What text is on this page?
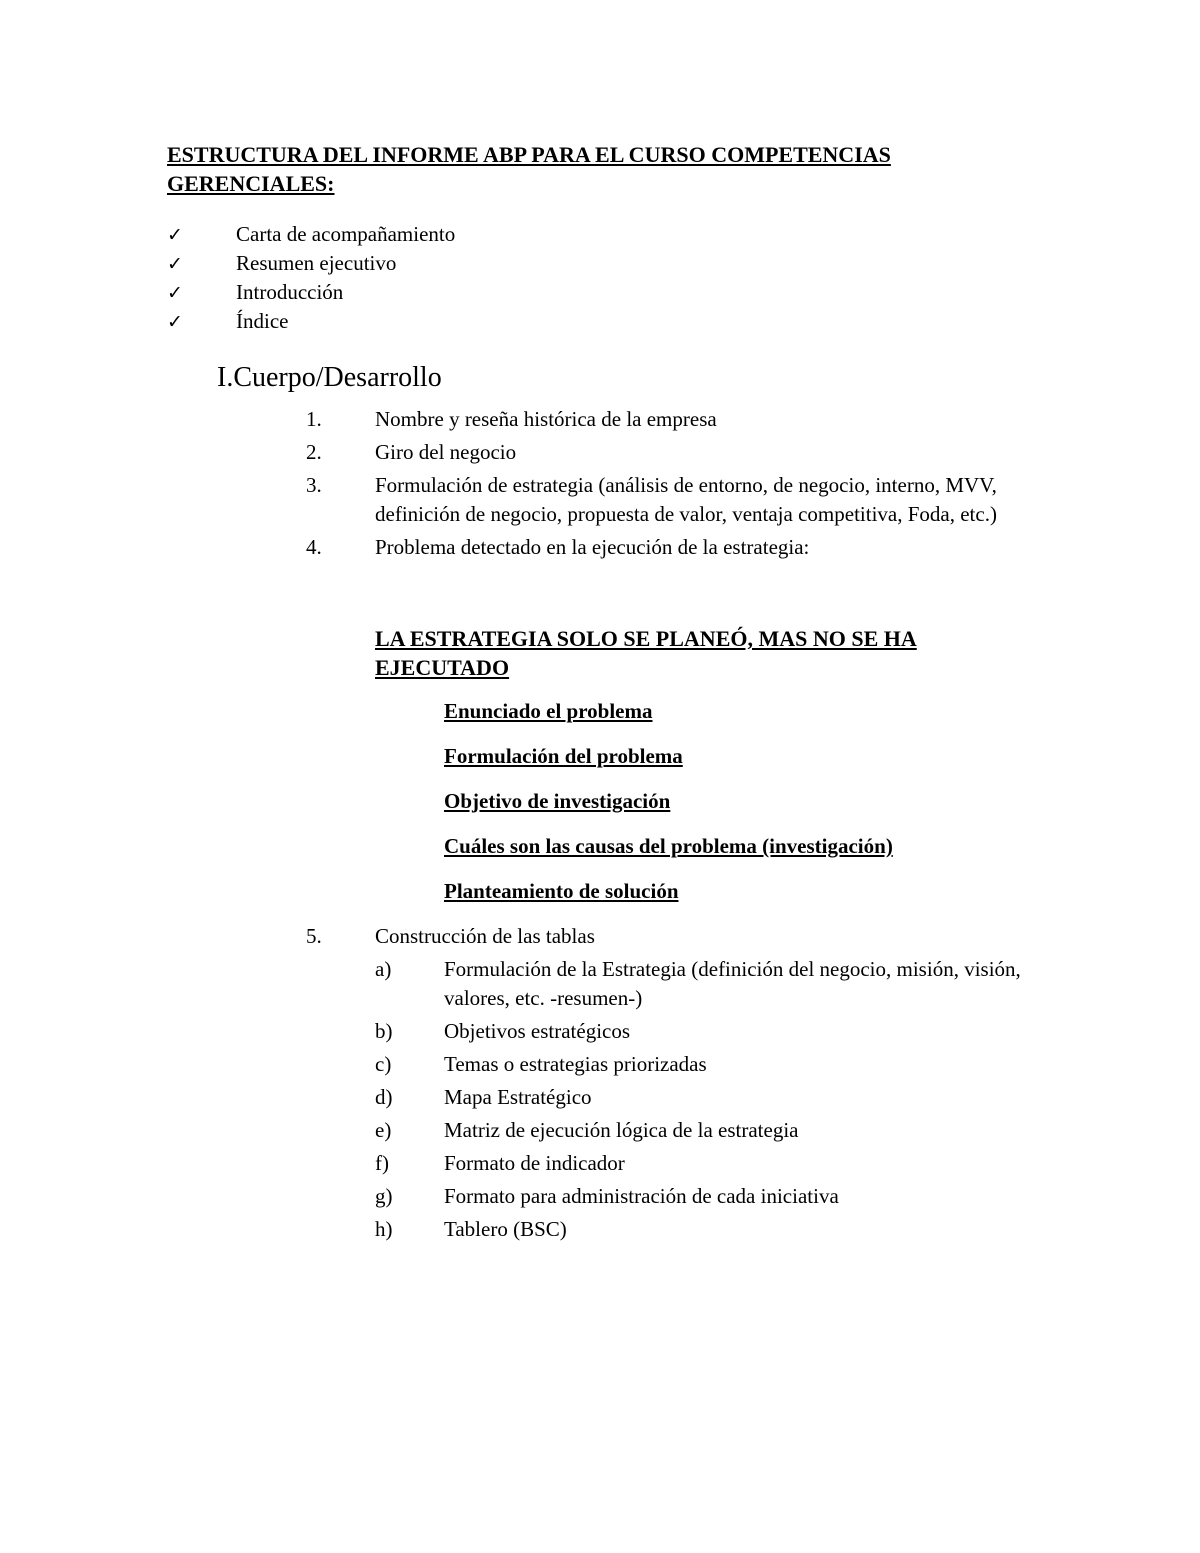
ESTRUCTURA DEL INFORME ABP PARA EL CURSO COMPETENCIAS GERENCIALES:
✓	Carta de acompañamiento
✓	Resumen ejecutivo
✓	Introducción
✓	Índice
I.Cuerpo/Desarrollo
1.	Nombre y reseña histórica de la empresa
2.	Giro del negocio
3.	Formulación de estrategia (análisis de entorno, de negocio, interno, MVV, definición de negocio, propuesta de valor, ventaja competitiva, Foda, etc.)
4.	Problema detectado en la ejecución de la estrategia:

LA ESTRATEGIA SOLO SE PLANEÓ, MAS NO SE HA EJECUTADO

Enunciado el problema
Formulación del problema
Objetivo de investigación
Cuáles son las causas del problema (investigación)
Planteamiento de solución
5.	Construcción de las tablas
a)	Formulación de la Estrategia (definición del negocio, misión, visión, valores, etc. -resumen-)
b)	Objetivos estratégicos
c)	Temas o estrategias priorizadas
d)	Mapa Estratégico
e)	Matriz de ejecución lógica de la estrategia
f)	Formato de indicador
g)	Formato para administración de cada iniciativa
h)	Tablero (BSC)
